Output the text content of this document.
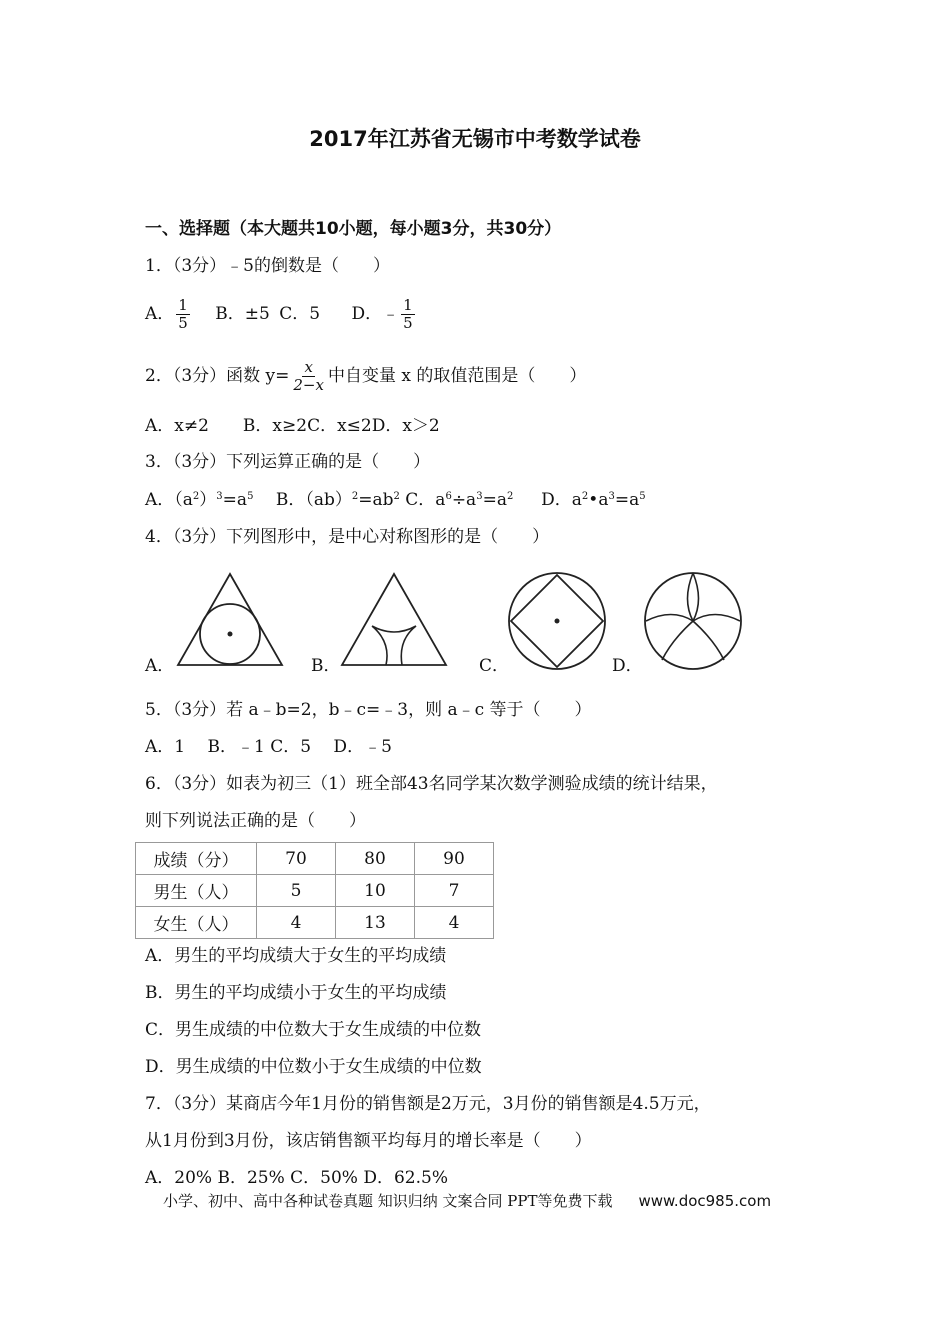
2017年江苏省无锡市中考数学试卷
一、选择题（本大题共10小题，每小题3分，共30分）
1．（3分）﹣5的倒数是（　　）
A． $\frac{1}{5}$ B．±5 C．5 D．﹣ $\frac{1}{5}$
2．（3分）函数 $y= \frac{x}{2-x}$ 中自变量 x 的取值范围是（　　）
A．x≠2　　B．x≥2C．x≤2D．x＞2
3．（3分）下列运算正确的是（　　）
A．$(a^2)^3=a^5$ 　B．$(ab)^2=ab^2$ C．$a^6\div a^3=a^2$ 　 D．$a^2•a^3=a^5$
4．（3分）下列图形中，是中心对称图形的是（　　）
A．	B．	C．	D．
5．（3分）若 a﹣b=2，b﹣c=﹣3，则 a﹣c 等于（　　）
A．1　 B．﹣1 C．5　 D．﹣5
6．（3分）如表为初三（1）班全部43名同学某次数学测验成绩的统计结果，
则下列说法正确的是（　　）
成绩（分）	70	80	90
男生（人）	5	10	7
女生（人）	4	13	4
A．男生的平均成绩大于女生的平均成绩
B．男生的平均成绩小于女生的平均成绩
C．男生成绩的中位数大于女生成绩的中位数
D．男生成绩的中位数小于女生成绩的中位数
7．（3分）某商店今年1月份的销售额是2万元，3月份的销售额是4.5万元，
从1月份到3月份，该店销售额平均每月的增长率是（　　）
A．20% B．25% C．50% D．62.5%
小学、初中、高中各种试卷真题 知识归纳 文案合同 PPT等免费下载 www.doc985.com
